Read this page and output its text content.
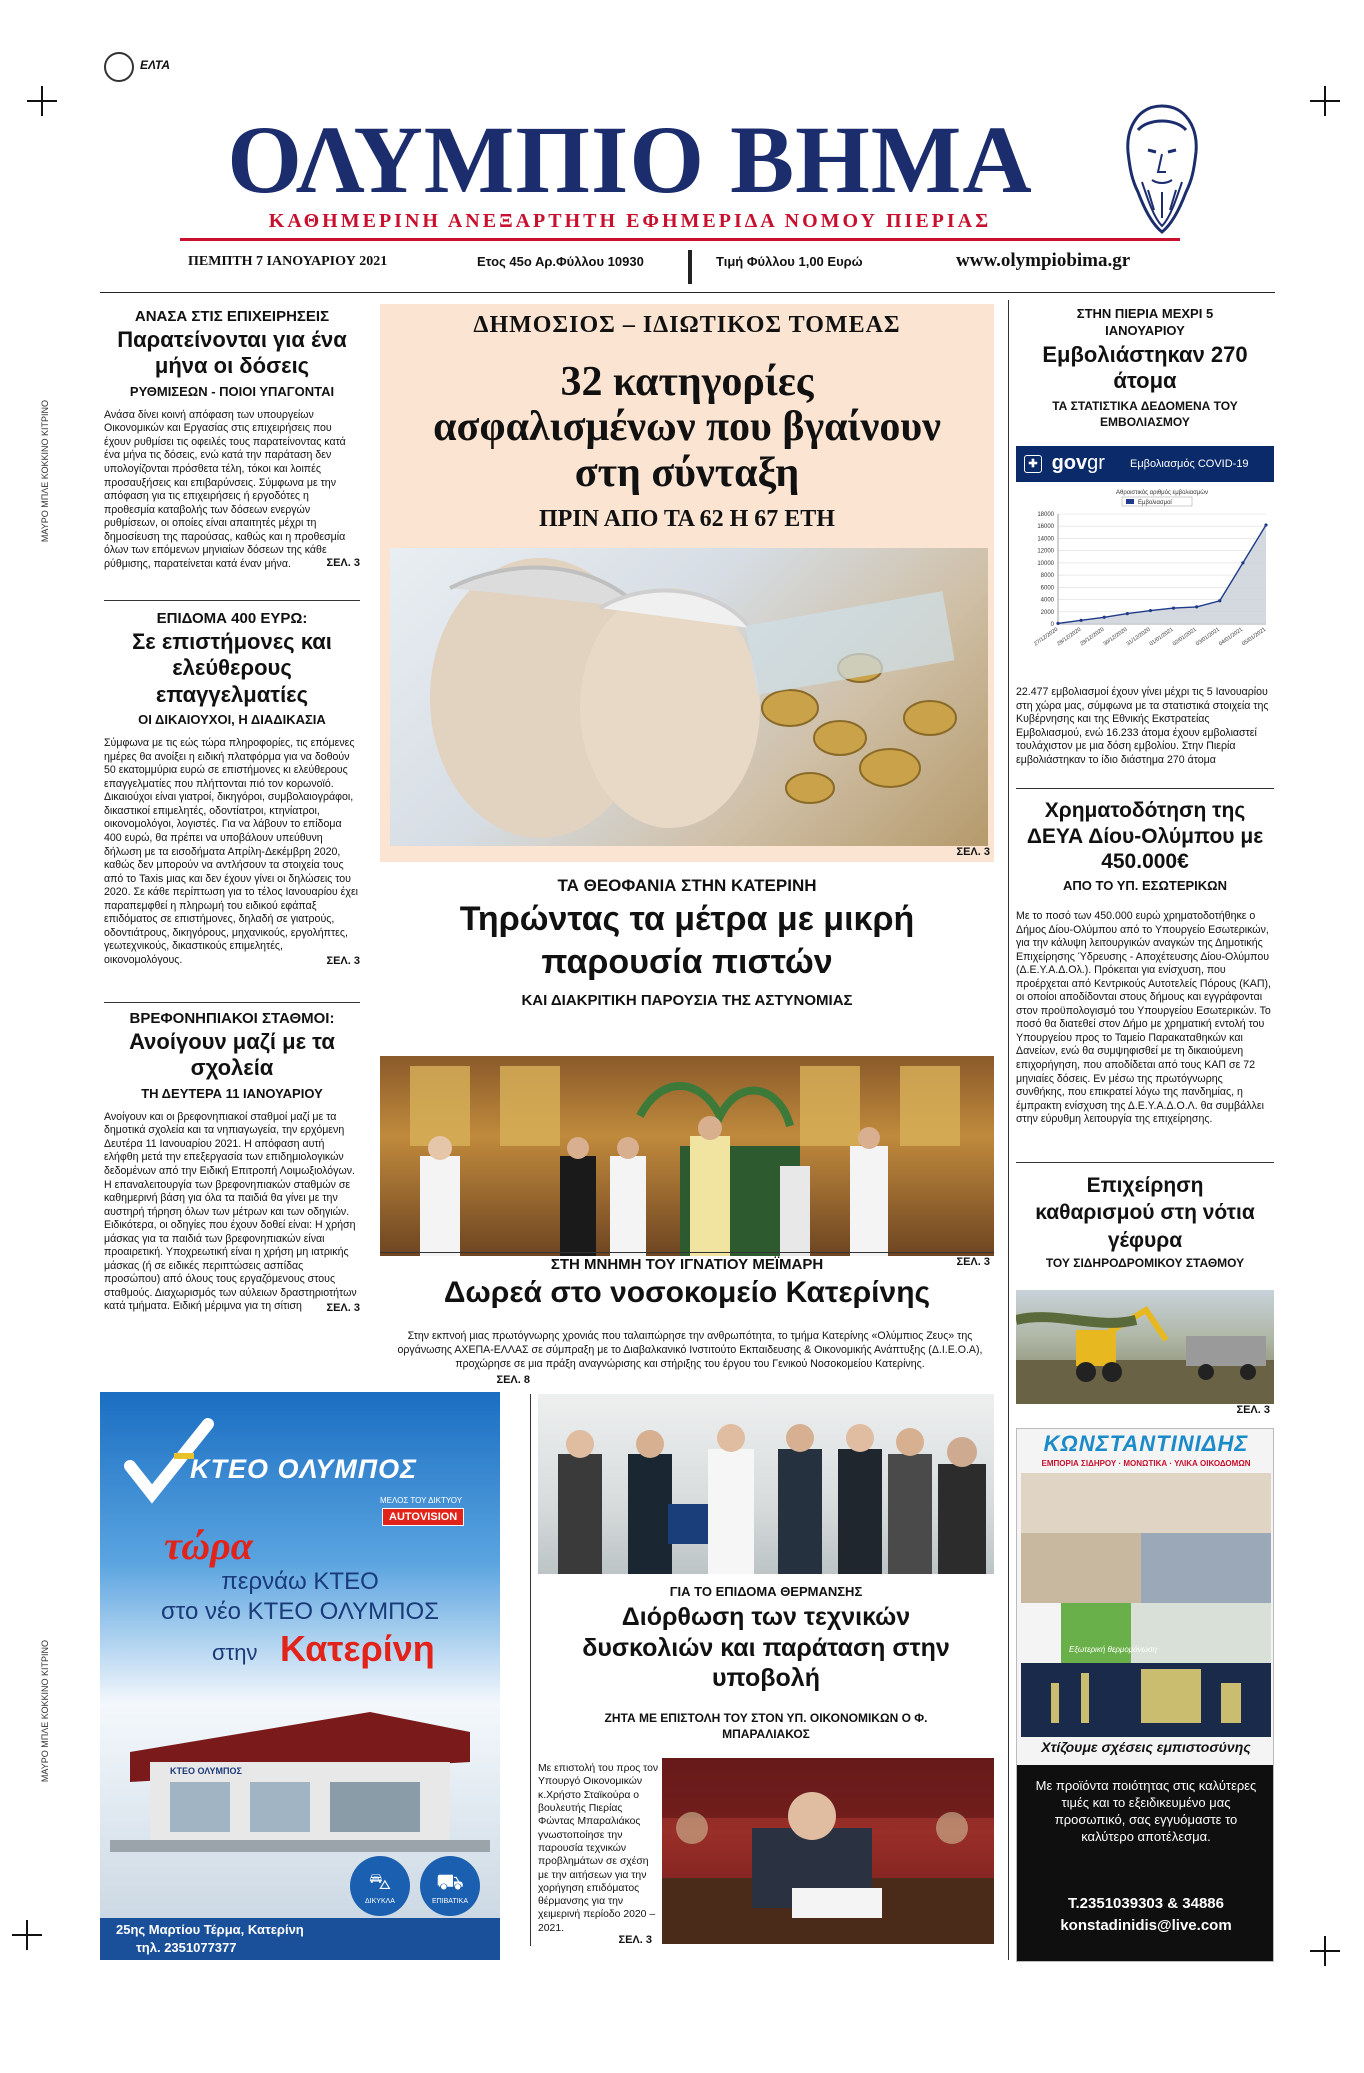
ΜΑΥΡΟ ΜΠΛΕ ΚΟΚΚΙΝΟ ΚΙΤΡΙΝΟ
ΜΑΥΡΟ ΜΠΛΕ ΚΟΚΚΙΝΟ ΚΙΤΡΙΝΟ
ΕΛΤΑ
ΟΛΥΜΠΙΟ ΒΗΜΑ
ΚΑΘΗΜΕΡΙΝΗ ΑΝΕΞΑΡΤΗΤΗ ΕΦΗΜΕΡΙΔΑ ΝΟΜΟΥ ΠΙΕΡΙΑΣ
ΠΕΜΠΤΗ 7 ΙΑΝΟΥΑΡΙΟΥ 2021	Ετος 45ο Αρ.Φύλλου 10930	Τιμή Φύλλου 1,00 Ευρώ	www.olympiobima.gr
ΑΝΑΣΑ ΣΤΙΣ ΕΠΙΧΕΙΡΗΣΕΙΣ
Παρατείνονται για ένα μήνα οι δόσεις
ΡΥΘΜΙΣΕΩΝ - ΠΟΙΟΙ ΥΠΑΓΟΝΤΑΙ
Ανάσα δίνει κοινή απόφαση των υπουργείων Οικονομικών και Εργασίας στις επιχειρήσεις που έχουν ρυθμίσει τις οφειλές τους παρατείνοντας κατά ένα μήνα τις δόσεις, ενώ κατά την παράταση δεν υπολογίζονται πρόσθετα τέλη, τόκοι και λοιπές προσαυξήσεις και επιβαρύνσεις. Σύμφωνα με την απόφαση για τις επιχειρήσεις ή εργοδότες η προθεσμία καταβολής των δόσεων ενεργών ρυθμίσεων, οι οποίες είναι απαιτητές μέχρι τη δημοσίευση της παρούσας, καθώς και η προθεσμία όλων των επόμενων μηνιαίων δόσεων της κάθε ρύθμισης, παρατείνεται κατά έναν μήνα.	ΣΕΛ. 3
ΕΠΙΔΟΜΑ 400 ΕΥΡΩ:
Σε επιστήμονες και ελεύθερους επαγγελματίες
ΟΙ ΔΙΚΑΙΟΥΧΟΙ, Η ΔΙΑΔΙΚΑΣΙΑ
Σύμφωνα με τις εώς τώρα πληροφορίες, τις επόμενες ημέρες θα ανοίξει η ειδική πλατφόρμα για να δοθούν 50 εκατομμύρια ευρώ σε επιστήμονες κι ελεύθερους επαγγελματίες που πλήττονται πιό τον κορωνοϊό. Δικαιούχοι είναι γιατροί, δικηγόροι, συμβολαιογράφοι, δικαστικοί επιμελητές, οδοντίατροι, κτηνίατροι, οικονομολόγοι, λογιστές. Για να λάβουν το επίδομα 400 ευρώ, θα πρέπει να υποβάλουν υπεύθυνη δήλωση με τα εισοδήματα Απρίλη-Δεκέμβρη 2020, καθώς δεν μπορούν να αντλήσουν τα στοιχεία τους από το Taxis μιας και δεν έχουν γίνει οι δηλώσεις του 2020. Σε κάθε περίπτωση για το τέλος Ιανουαρίου έχει παραπεμφθεί η πληρωμή του ειδικού εφάπαξ επιδόματος σε επιστήμονες, δηλαδή σε γιατρούς, οδοντιάτρους, δικηγόρους, μηχανικούς, εργολήπτες, γεωτεχνικούς, δικαστικούς επιμελητές, οικονομολόγους.	ΣΕΛ. 3
ΒΡΕΦΟΝΗΠΙΑΚΟΙ ΣΤΑΘΜΟΙ:
Ανοίγουν μαζί με τα σχολεία
ΤΗ ΔΕΥΤΕΡΑ 11 ΙΑΝΟΥΑΡΙΟΥ
Ανοίγουν και οι βρεφονηπιακοί σταθμοί μαζί με τα δημοτικά σχολεία και τα νηπιαγωγεία, την ερχόμενη Δευτέρα 11 Ιανουαρίου 2021. Η απόφαση αυτή ελήφθη μετά την επεξεργασία των επιδημιολογικών δεδομένων από την Ειδική Επιτροπή Λοιμωξιολόγων. Η επαναλειτουργία των βρεφονηπιακών σταθμών σε καθημερινή βάση για όλα τα παιδιά θα γίνει με την αυστηρή τήρηση όλων των μέτρων και των οδηγιών. Ειδικότερα, οι οδηγίες που έχουν δοθεί είναι: Η χρήση μάσκας για τα παιδιά των βρεφονηπιακών είναι προαιρετική. Υποχρεωτική είναι η χρήση μη ιατρικής μάσκας (ή σε ειδικές περιπτώσεις ασπίδας προσώπου) από όλους τους εργαζόμενους στους σταθμούς. Διαχωρισμός των αύλειων δραστηριοτήτων κατά τμήματα. Ειδική μέριμνα για τη σίτιση	ΣΕΛ. 3
ΔΗΜΟΣΙΟΣ – ΙΔΙΩΤΙΚΟΣ ΤΟΜΕΑΣ
32 κατηγορίες ασφαλισμένων που βγαίνουν στη σύνταξη
ΠΡΙΝ ΑΠΟ ΤΑ 62 Η 67 ΕΤΗ
ΣΕΛ. 3
ΤΑ ΘΕΟΦΑΝΙΑ ΣΤΗΝ ΚΑΤΕΡΙΝΗ
Τηρώντας τα μέτρα με μικρή παρουσία πιστών
ΚΑΙ ΔΙΑΚΡΙΤΙΚΗ ΠΑΡΟΥΣΙΑ ΤΗΣ ΑΣΤΥΝΟΜΙΑΣ
ΣΕΛ. 3
ΣΤΗ ΜΝΗΜΗ ΤΟΥ ΙΓΝΑΤΙΟΥ ΜΕΪΜΑΡΗ
Δωρεά στο νοσοκομείο Κατερίνης
Στην εκπνοή μιας πρωτόγνωρης χρονιάς που ταλαιπώρησε την ανθρωπότητα, το τμήμα Κατερίνης «Ολύμπιος Ζευς» της οργάνωσης ΑΧΕΠΑ-ΕΛΛΑΣ σε σύμπραξη με το Διαβαλκανικό Ινστιτούτο Εκπαιδευσης & Οικονομικής Ανάπτυξης (Δ.Ι.Ε.Ο.Α), προχώρησε σε μια πράξη αναγνώρισης και στήριξης του έργου του Γενικού Νοσοκομείου Κατερίνης.
ΣΕΛ. 8
ΓΙΑ ΤΟ ΕΠΙΔΟΜΑ ΘΕΡΜΑΝΣΗΣ
Διόρθωση των τεχνικών δυσκολιών και παράταση στην υποβολή
ΖΗΤΑ ΜΕ ΕΠΙΣΤΟΛΗ ΤΟΥ ΣΤΟΝ ΥΠ. ΟΙΚΟΝΟΜΙΚΩΝ Ο Φ. ΜΠΑΡΑΛΙΑΚΟΣ
Με επιστολή του προς τον Υπουργό Οικονομικών κ.Χρήστο Σταϊκούρα ο βουλευτής Πιερίας Φώντας Μπαραλιάκος γνωστοποίησε την παρουσία τεχνικών προβλημάτων σε σχέση με την αιτήσεων για την χορήγηση επιδόματος θέρμανσης για την χειμερινή περίοδο 2020 – 2021.
ΣΕΛ. 3
ΚΤΕΟ ΟΛΥΜΠΟΣ
ΜΕΛΟΣ ΤΟΥ ΔΙΚΤΥΟΥ
AUTOVISION
τώρα
περνάω ΚΤΕΟ
στο νέο ΚΤΕΟ ΟΛΥΜΠΟΣ
στην Κατερίνη
ΚΤΕΟ ΟΛΥΜΠΟΣ
⛍
ΔΙΚΥΚΛΑ
⛟
ΕΠΙΒΑΤΙΚΑ
25ης Μαρτίου Τέρμα, Κατερίνη
τηλ. 2351077377
ΣΤΗΝ ΠΙΕΡΙΑ ΜΕΧΡΙ 5 ΙΑΝΟΥΑΡΙΟΥ
Εμβολιάστηκαν 270 άτομα
ΤΑ ΣΤΑΤΙΣΤΙΚΑ ΔΕΔΟΜΕΝΑ ΤΟΥ ΕΜΒΟΛΙΑΣΜΟΥ
✚ govgr Εμβολιασμός COVID-19
Αθροιστικός αριθμός εμβολιασμών
Εμβολιασμοί
0
2000
4000
6000
8000
10000
12000
14000
16000
18000
27/12/2020
28/12/2020
29/12/2020
30/12/2020
31/12/2020
01/01/2021
02/01/2021
03/01/2021
04/01/2021
05/01/2021
22.477 εμβολιασμοί έχουν γίνει μέχρι τις 5 Ιανουαρίου στη χώρα μας, σύμφωνα με τα στατιστικά στοιχεία της Κυβέρνησης και της Εθνικής Εκστρατείας Εμβολιασμού, ενώ 16.233 άτομα έχουν εμβολιαστεί τουλάχιστον με μια δόση εμβολίου. Στην Πιερία εμβολιάστηκαν το ίδιο διάστημα 270 άτομα
Χρηματοδότηση της ΔΕΥΑ Δίου-Ολύμπου με 450.000€
ΑΠΟ ΤΟ ΥΠ. ΕΣΩΤΕΡΙΚΩΝ
Με το ποσό των 450.000 ευρώ χρηματοδοτήθηκε ο Δήμος Δίου-Ολύμπου από το Υπουργείο Εσωτερικών, για την κάλυψη λειτουργικών αναγκών της Δημοτικής Επιχείρησης Ύδρευσης - Αποχέτευσης Δίου-Ολύμπου (Δ.Ε.Υ.Α.Δ.Ολ.). Πρόκειται για ενίσχυση, που προέρχεται από Κεντρικούς Αυτοτελείς Πόρους (ΚΑΠ), οι οποίοι αποδίδονται στους δήμους και εγγράφονται στον προϋπολογισμό του Υπουργείου Εσωτερικών. Το ποσό θα διατεθεί στον Δήμο με χρηματική εντολή του Υπουργείου προς το Ταμείο Παρακαταθηκών και Δανείων, ενώ θα συμψηφισθεί με τη δικαιούμενη επιχορήγηση, που αποδίδεται από τους ΚΑΠ σε 72 μηνιαίες δόσεις. Εν μέσω της πρωτόγνωρης συνθήκης, που επικρατεί λόγω της πανδημίας, η έμπρακτη ενίσχυση της Δ.Ε.Υ.Α.Δ.Ο.Λ. θα συμβάλλει στην εύρυθμη λειτουργία της επιχείρησης.
Επιχείρηση καθαρισμού στη νότια γέφυρα
ΤΟΥ ΣΙΔΗΡΟΔΡΟΜΙΚΟΥ ΣΤΑΘΜΟΥ
ΣΕΛ. 3
ΚΩΝΣΤΑΝΤΙΝΙΔΗΣ
ΕΜΠΟΡΙΑ ΣΙΔΗΡΟΥ · ΜΟΝΩΤΙΚΑ · ΥΛΙΚΑ ΟΙΚΟΔΟΜΩΝ
Εξωτερική θερμομόνωση
Χτίζουμε σχέσεις εμπιστοσύνης
Με προϊόντα ποιότητας στις καλύτερες τιμές και το εξειδικευμένο μας προσωπικό, σας εγγυόμαστε το καλύτερο αποτέλεσμα.
T.2351039303 & 34886
konstadinidis@live.com
